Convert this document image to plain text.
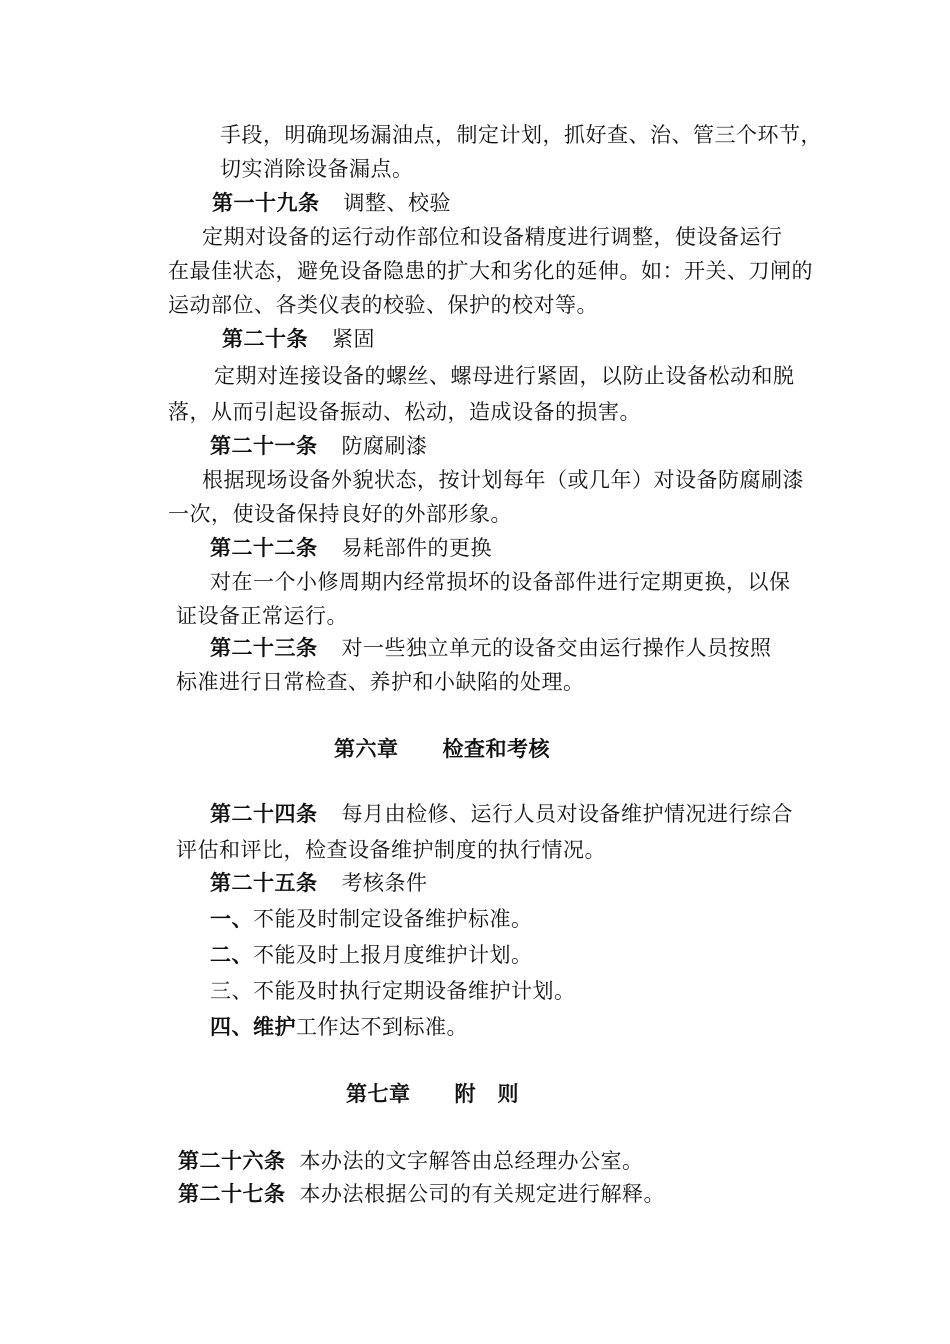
手段，明确现场漏油点，制定计划，抓好查、治、管三个环节，
切实消除设备漏点。
第一十九条 调整、校验
定期对设备的运行动作部位和设备精度进行调整，使设备运行
在最佳状态，避免设备隐患的扩大和劣化的延伸。如：开关、刀闸的
运动部位、各类仪表的校验、保护的校对等。
第二十条 紧固
定期对连接设备的螺丝、螺母进行紧固，以防止设备松动和脱
落，从而引起设备振动、松动，造成设备的损害。
第二十一条 防腐刷漆
根据现场设备外貌状态，按计划每年（或几年）对设备防腐刷漆
一次，使设备保持良好的外部形象。
第二十二条 易耗部件的更换
对在一个小修周期内经常损坏的设备部件进行定期更换，以保
证设备正常运行。
第二十三条 对一些独立单元的设备交由运行操作人员按照
标准进行日常检查、养护和小缺陷的处理。
第六章 检查和考核
第二十四条 每月由检修、运行人员对设备维护情况进行综合
评估和评比，检查设备维护制度的执行情况。
第二十五条 考核条件
一、不能及时制定设备维护标准。
二、不能及时上报月度维护计划。
三、不能及时执行定期设备维护计划。
四、维护工作达不到标准。
第七章 附　则
第二十六条 本办法的文字解答由总经理办公室。
第二十七条 本办法根据公司的有关规定进行解释。
